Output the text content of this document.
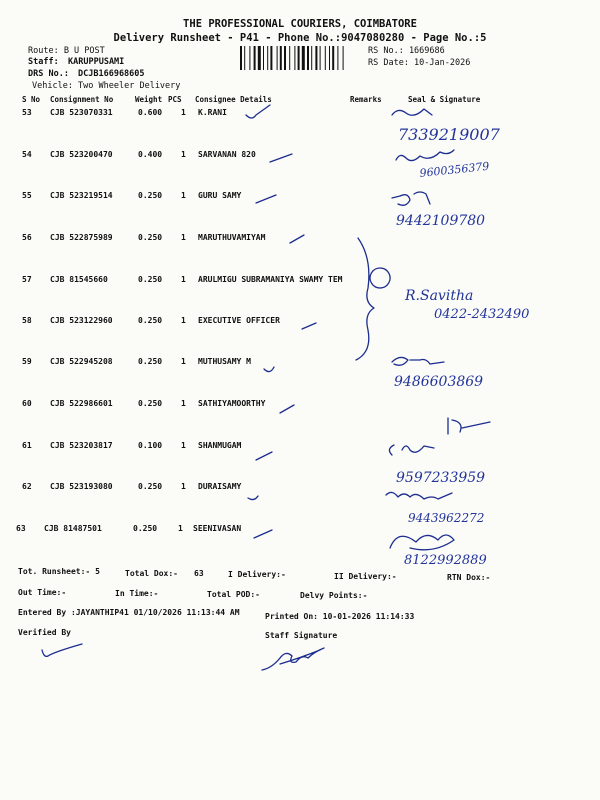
THE PROFESSIONAL COURIERS, COIMBATORE
Delivery Runsheet - P41 - Phone No.:9047080280 - Page No.:5
Route: B U POST
Staff: KARUPPUSAMI
DRS No.: DCJB166968605
Vehicle: Two Wheeler Delivery
RS No.: 1669686
RS Date: 10-Jan-2026
S No Consignment No	Weight PCS Consignee Details	Remarks	Seal & Signature
53 CJB 523070331	0.600 1 K.RANI
54 CJB 523200470	0.400 1 SARVANAN 820
55 CJB 523219514	0.250 1 GURU SAMY
56 CJB 522875989	0.250 1 MARUTHUVAMIYAM
57 CJB 81545660	0.250 1 ARULMIGU SUBRAMANIYA SWAMY TEM
58 CJB 523122960	0.250 1 EXECUTIVE OFFICER
59 CJB 522945208	0.250 1 MUTHUSAMY M
60 CJB 522986601	0.250 1 SATHIYAMOORTHY
61 CJB 523203817	0.100 1 SHANMUGAM
62 CJB 523193080	0.250 1 DURAISAMY
63 CJB 81487501	0.250	1 SEENIVASAN
Tot. Runsheet:- 5	Total Dox:- 63	I Delivery:-	II Delivery:-	RTN Dox:-
Out Time:-	In Time:-	Total POD:-	Delvy Points:-
Entered By :JAYANTHIP41 01/10/2026 11:13:44 AM	Printed On: 10-01-2026 11:14:33
Verified By	Staff Signature
7339219007
9600356379
9442109780
R.Savitha
0422-2432490
9486603869
9597233959
9443962272
8122992889
